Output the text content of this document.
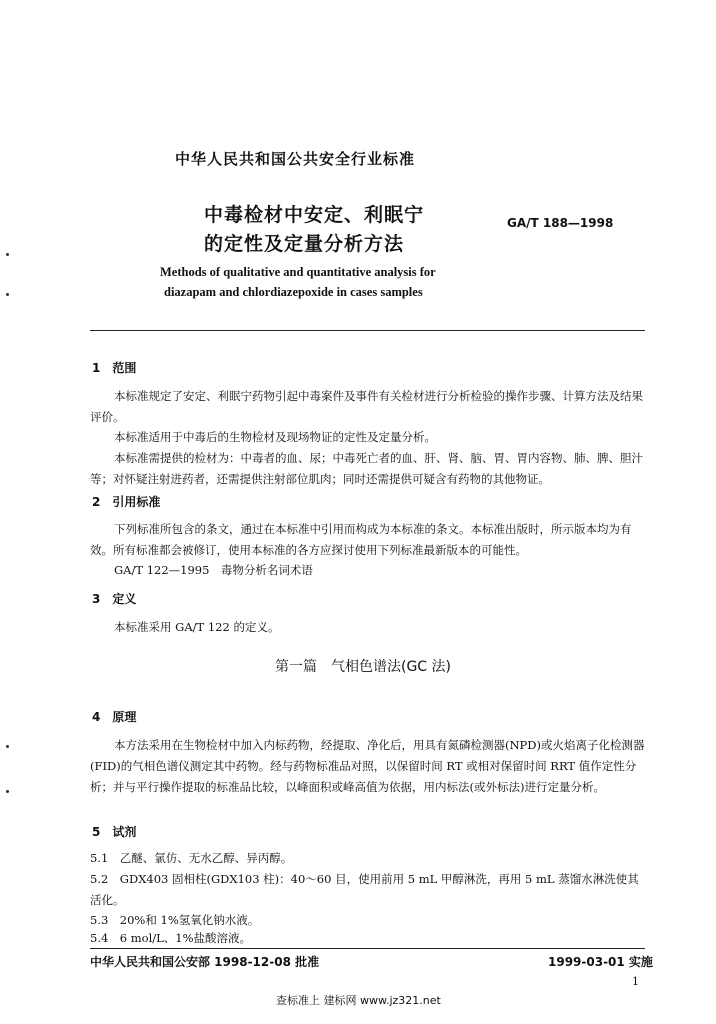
中华人民共和国公共安全行业标准
中毒检材中安定、利眠宁
的定性及定量分析方法
GA/T 188—1998
Methods of qualitative and quantitative analysis for
diazapam and chlordiazepoxide in cases samples
1　范围
本标准规定了安定、利眠宁药物引起中毒案件及事件有关检材进行分析检验的操作步骤、计算方法及结果评价。
本标准适用于中毒后的生物检材及现场物证的定性及定量分析。
本标准需提供的检材为：中毒者的血、尿；中毒死亡者的血、肝、肾、脑、胃、胃内容物、肺、脾、胆汁等；对怀疑注射进药者，还需提供注射部位肌肉；同时还需提供可疑含有药物的其他物证。
2　引用标准
下列标准所包含的条文，通过在本标准中引用而构成为本标准的条文。本标准出版时，所示版本均为有效。所有标准都会被修订，使用本标准的各方应探讨使用下列标准最新版本的可能性。
GA/T 122—1995　毒物分析名词术语
3　定义
本标准采用 GA/T 122 的定义。
第一篇　气相色谱法(GC 法)
4　原理
本方法采用在生物检材中加入内标药物，经提取、净化后，用具有氮磷检测器(NPD)或火焰离子化检测器(FID)的气相色谱仪测定其中药物。经与药物标准品对照，以保留时间 RT 或相对保留时间 RRT 值作定性分析；并与平行操作提取的标准品比较，以峰面积或峰高值为依据，用内标法(或外标法)进行定量分析。
5　试剂
5.1　乙醚、氯仿、无水乙醇、异丙醇。
5.2　GDX403 固相柱(GDX103 柱)：40～60 目，使用前用 5 mL 甲醇淋洗，再用 5 mL 蒸馏水淋洗使其活化。
5.3　20%和 1%氢氧化钠水液。
5.4　6 mol/L、1%盐酸溶液。
中华人民共和国公安部 1998-12-08 批准	1999-03-01 实施
1
查标准上 建标网 www.jz321.net
